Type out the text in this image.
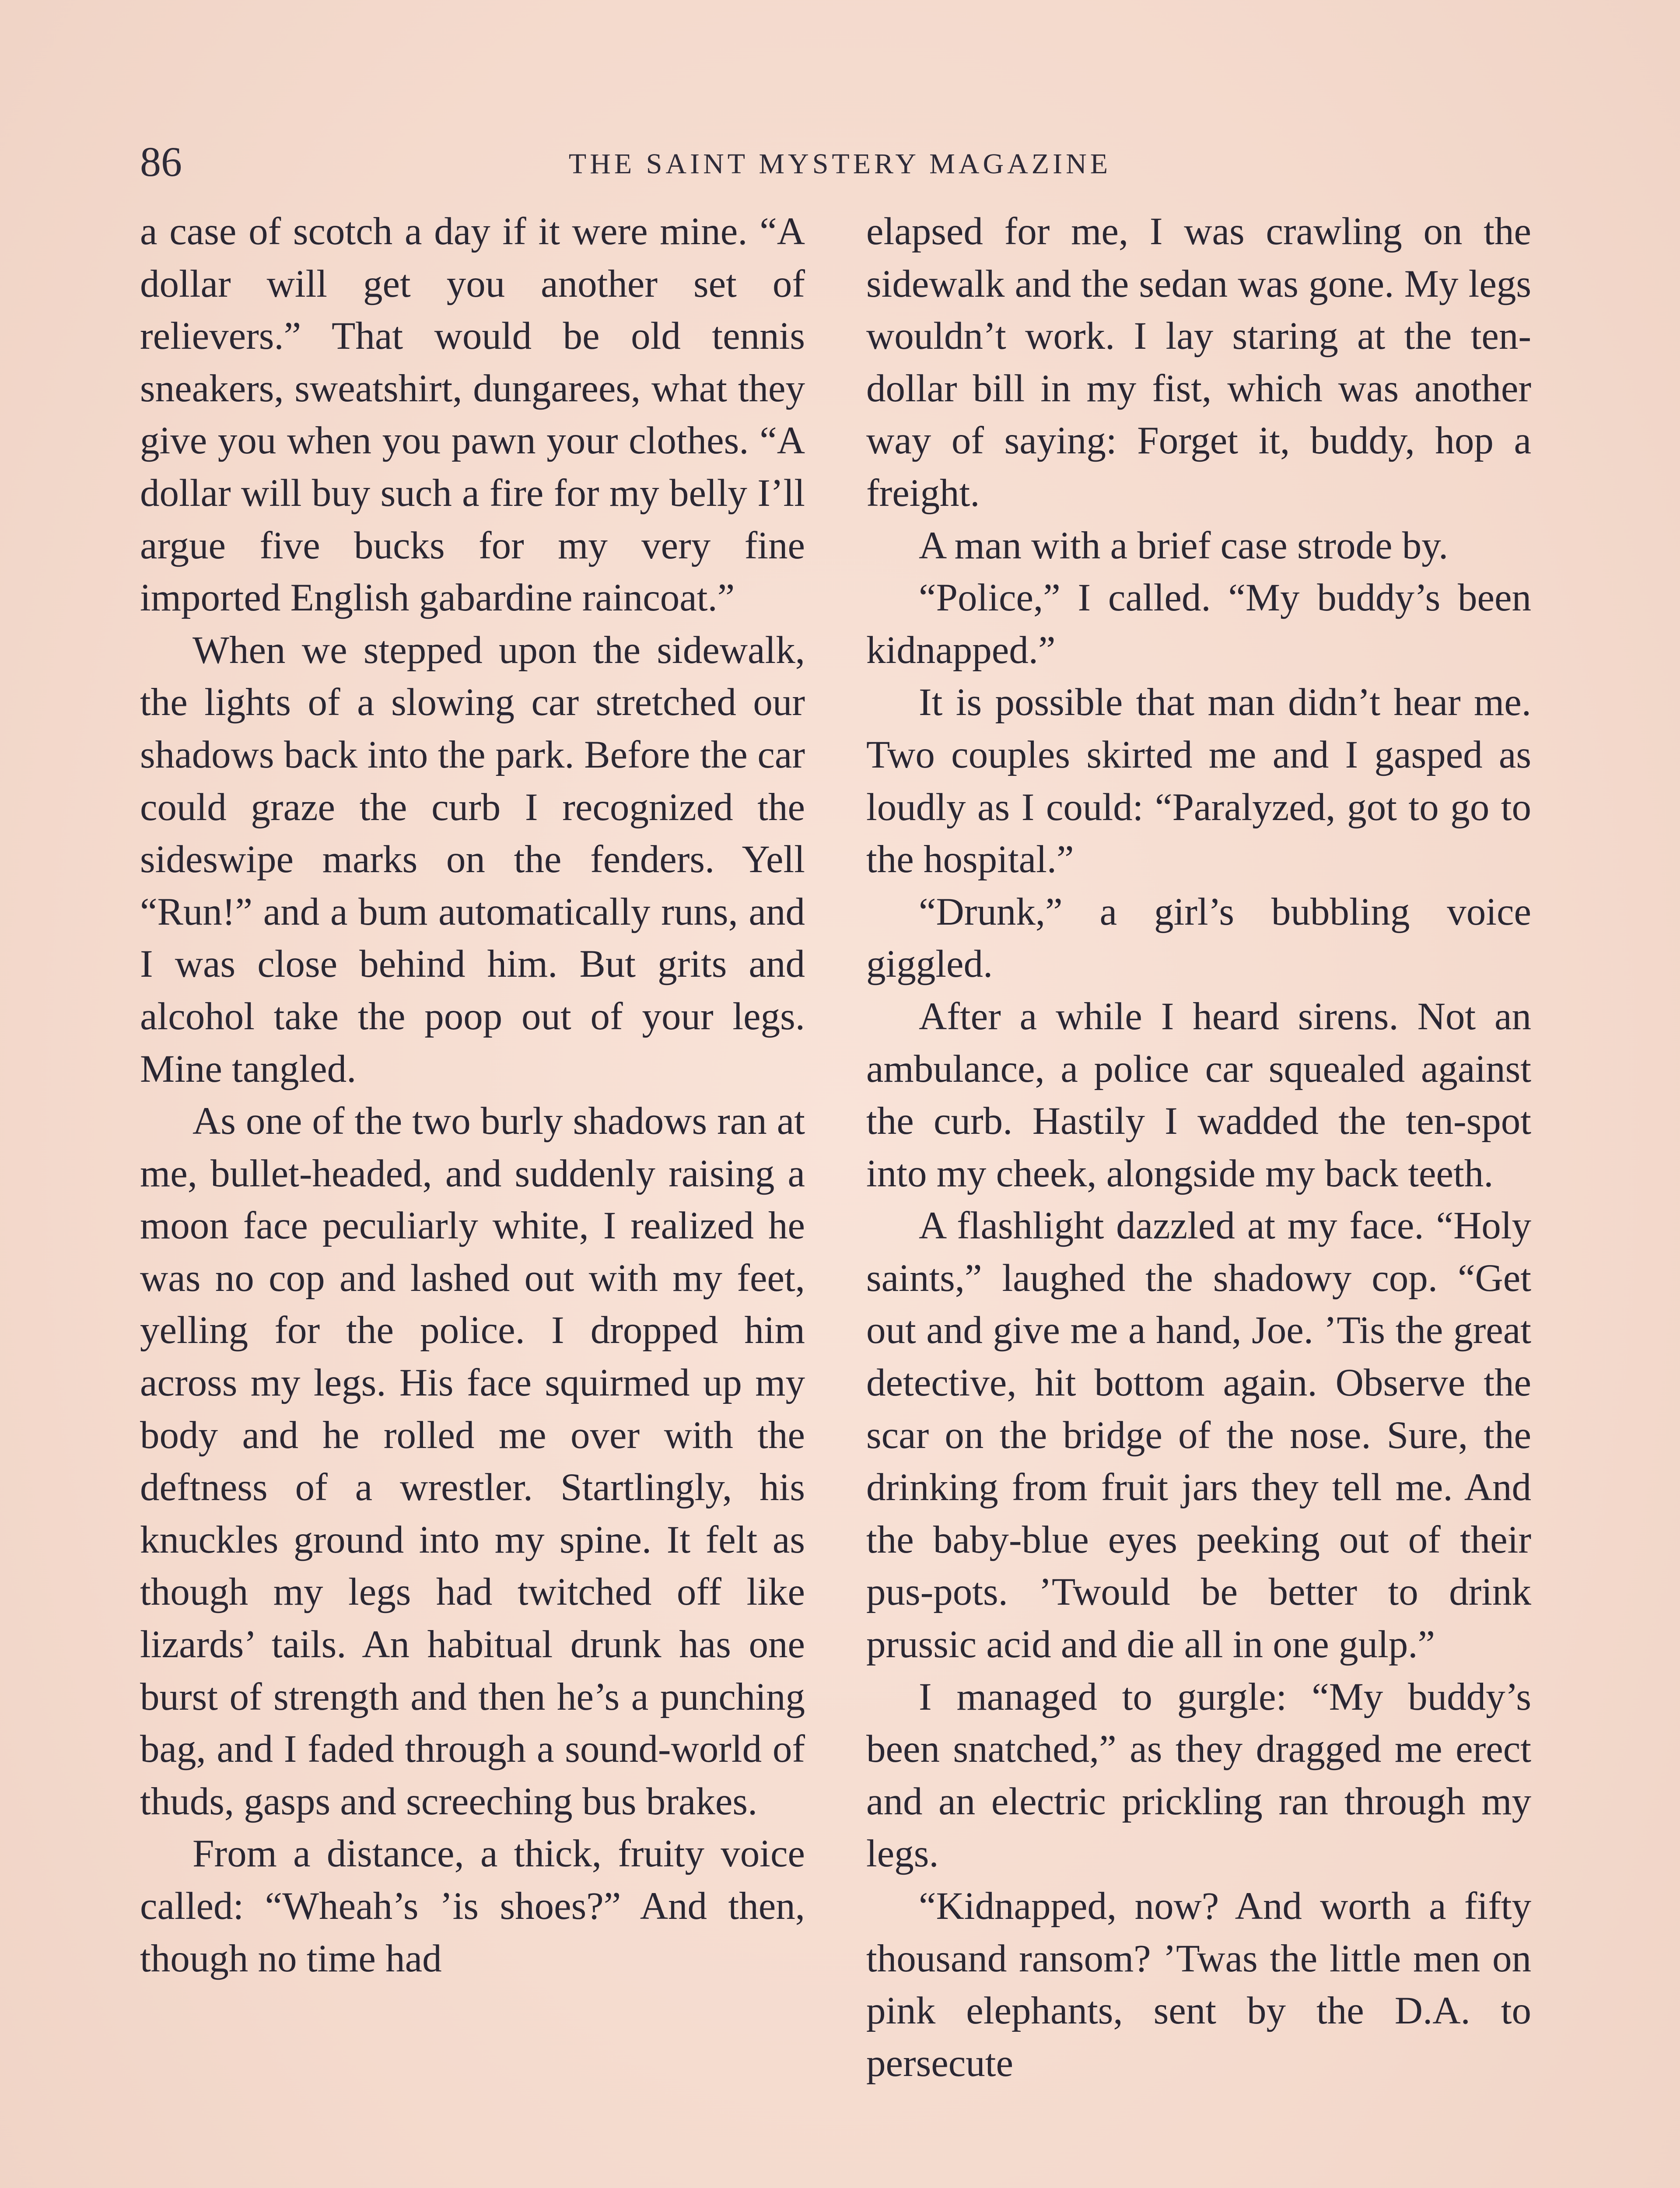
86	THE SAINT MYSTERY MAGAZINE

a case of scotch a day if it were mine. “A dollar will get you another set of relievers.” That would be old tennis sneakers, sweatshirt, dungarees, what they give you when you pawn your clothes. “A dollar will buy such a fire for my belly I’ll argue five bucks for my very fine imported English gabardine raincoat.”

When we stepped upon the sidewalk, the lights of a slowing car stretched our shadows back into the park. Before the car could graze the curb I recognized the sideswipe marks on the fenders. Yell “Run!” and a bum automatically runs, and I was close behind him. But grits and alcohol take the poop out of your legs. Mine tangled.

As one of the two burly shadows ran at me, bullet-headed, and suddenly raising a moon face peculiarly white, I realized he was no cop and lashed out with my feet, yelling for the police. I dropped him across my legs. His face squirmed up my body and he rolled me over with the deftness of a wrestler. Startlingly, his knuckles ground into my spine. It felt as though my legs had twitched off like lizards’ tails. An habitual drunk has one burst of strength and then he’s a punching bag, and I faded through a sound-world of thuds, gasps and screeching bus brakes.

From a distance, a thick, fruity voice called: “Wheah’s ’is shoes?” And then, though no time had

elapsed for me, I was crawling on the sidewalk and the sedan was gone. My legs wouldn’t work. I lay staring at the ten-dollar bill in my fist, which was another way of saying: Forget it, buddy, hop a freight.

A man with a brief case strode by.

“Police,” I called. “My buddy’s been kidnapped.”

It is possible that man didn’t hear me. Two couples skirted me and I gasped as loudly as I could: “Paralyzed, got to go to the hospital.”

“Drunk,” a girl’s bubbling voice giggled.

After a while I heard sirens. Not an ambulance, a police car squealed against the curb. Hastily I wadded the ten-spot into my cheek, alongside my back teeth.

A flashlight dazzled at my face. “Holy saints,” laughed the shadowy cop. “Get out and give me a hand, Joe. ’Tis the great detective, hit bottom again. Observe the scar on the bridge of the nose. Sure, the drinking from fruit jars they tell me. And the baby-blue eyes peeking out of their pus-pots. ’Twould be better to drink prussic acid and die all in one gulp.”

I managed to gurgle: “My buddy’s been snatched,” as they dragged me erect and an electric prickling ran through my legs.

“Kidnapped, now? And worth a fifty thousand ransom? ’Twas the little men on pink elephants, sent by the D.A. to persecute
